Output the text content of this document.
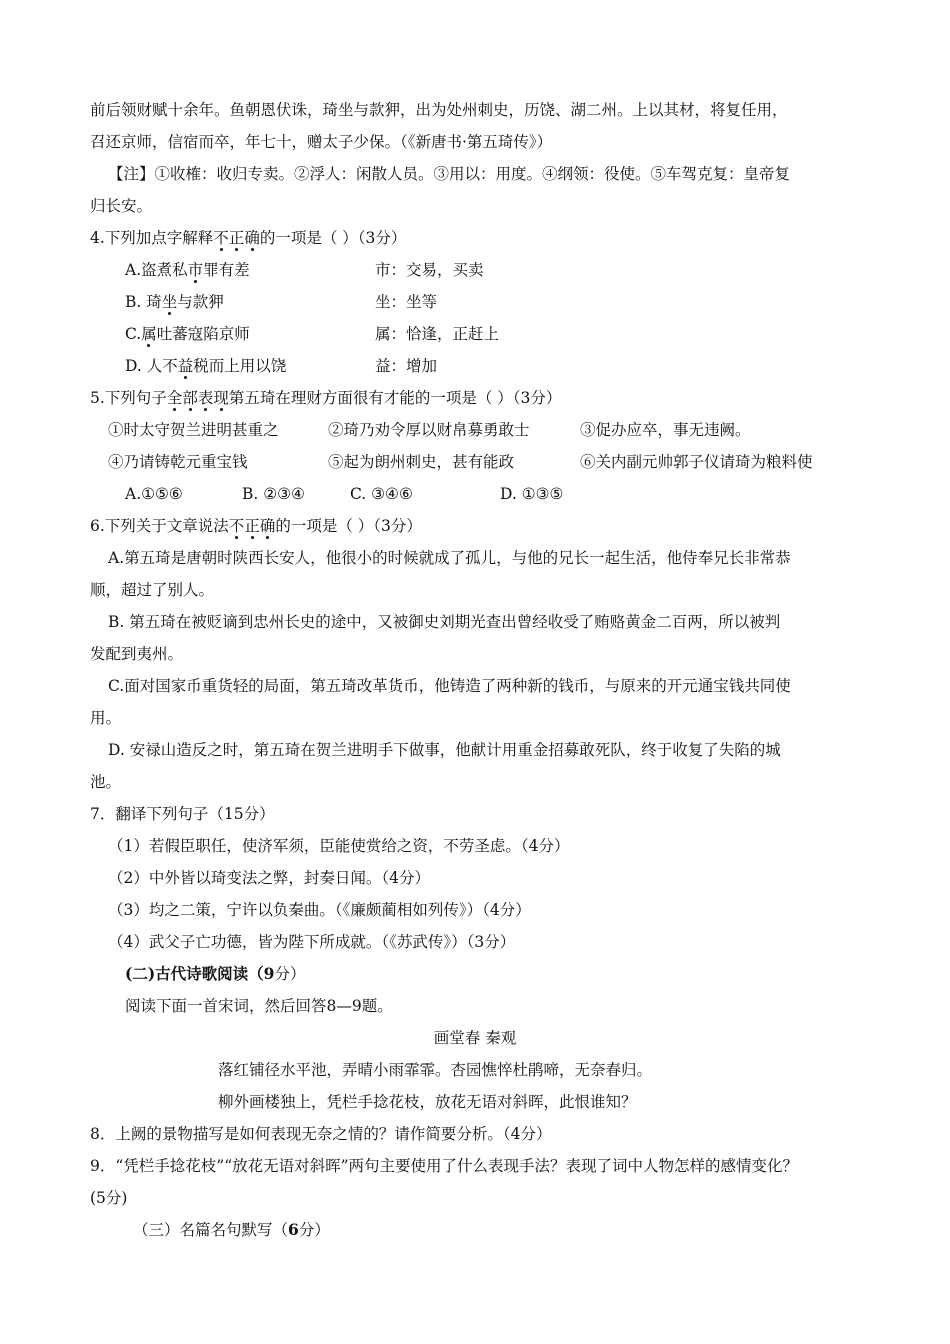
前后领财赋十余年。鱼朝恩伏诛，琦坐与款狎，出为处州刺史，历饶、湖二州。上以其材，将复任用，
召还京师，信宿而卒，年七十，赠太子少保。（《新唐书·第五琦传》）
【注】①收榷：收归专卖。②浮人：闲散人员。③用以：用度。④纲领：役使。⑤车驾克复：皇帝复
归长安。
4.下列加点字解释不正确的一项是（ ）（3分）
A.盗煮私市罪有差	市：交易，买卖
B. 琦坐与款狎	坐：坐等
C.属吐蕃寇陷京师	属：恰逢，正赶上
D. 人不益税而上用以饶	益：增加
5.下列句子全部表现第五琦在理财方面很有才能的一项是（ ）（3分）
①时太守贺兰进明甚重之	②琦乃劝令厚以财帛募勇敢士	③促办应卒，事无违阙。
④乃请铸乾元重宝钱	⑤起为朗州刺史，甚有能政	⑥关内副元帅郭子仪请琦为粮料使
A.①⑤⑥	B. ②③④	C. ③④⑥	D. ①③⑤
6.下列关于文章说法不正确的一项是（ ）（3分）
A.第五琦是唐朝时陕西长安人，他很小的时候就成了孤儿，与他的兄长一起生活，他侍奉兄长非常恭
顺，超过了别人。
B. 第五琦在被贬谪到忠州长史的途中，又被御史刘期光查出曾经收受了贿赂黄金二百两，所以被判
发配到夷州。
C.面对国家币重货轻的局面，第五琦改革货币，他铸造了两种新的钱币，与原来的开元通宝钱共同使
用。
D. 安禄山造反之时，第五琦在贺兰进明手下做事，他献计用重金招募敢死队，终于收复了失陷的城
池。
7．翻译下列句子（15分）
（1）若假臣职任，使济军须，臣能使赏给之资，不劳圣虑。（4分）
（2）中外皆以琦变法之弊，封奏日闻。（4分）
（3）均之二策，宁许以负秦曲。（《廉颇蔺相如列传》）（4分）
（4）武父子亡功德，皆为陛下所成就。（《苏武传》）（3分）
(二)古代诗歌阅读（9分）
阅读下面一首宋词，然后回答8—9题。
画堂春 秦观
落红铺径水平池，弄晴小雨霏霏。杏园憔悴杜鹃啼，无奈春归。
柳外画楼独上，凭栏手捻花枝，放花无语对斜晖，此恨谁知？
8．上阙的景物描写是如何表现无奈之情的？请作简要分析。（4分）
9．“凭栏手捻花枝”“放花无语对斜晖”两句主要使用了什么表现手法？表现了词中人物怎样的感情变化？
(5分)
（三）名篇名句默写（6分）
